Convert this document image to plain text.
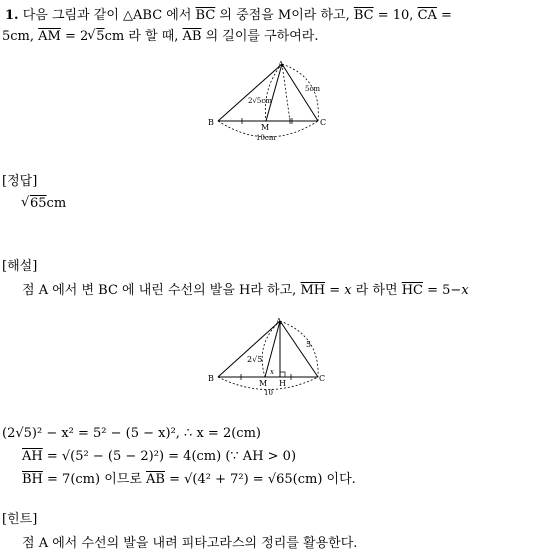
1. 다음 그림과 같이 △ABC 에서 $\overline{BC}$ 의 중점을 M이라 하고, $\overline{BC} = 10$, $\overline{CA}$ =
5cm, $\overline{AM} = 2$ √ 5cm 라 할 때, $\overline{AB}$ 의 길이를 구하여라.
A
B	C
M
2√5cm
5cm
10cm
[정답]
√ 65cm
[해설]
점 A 에서 변 BC 에 내린 수선의 발을 H라 하고, $\overline{MH} = x$ 라 하면 $\overline{HC} = 5-x$
A
B	C
M H
2√5
5
x
10
(2√5)² − x² = 5² − (5 − x)², ∴ x = 2(cm)
$\overline{AH} = √(5^2 - (5 - 2)^2) = 4(cm)$ (∵ AH > 0)
$\overline{BH} = 7(cm)$ 이므로 $\overline{AB} = √(4^2 + 7^2) = √65(cm)$ 이다.
[힌트]
점 A 에서 수선의 발을 내려 피타고라스의 정리를 활용한다.
